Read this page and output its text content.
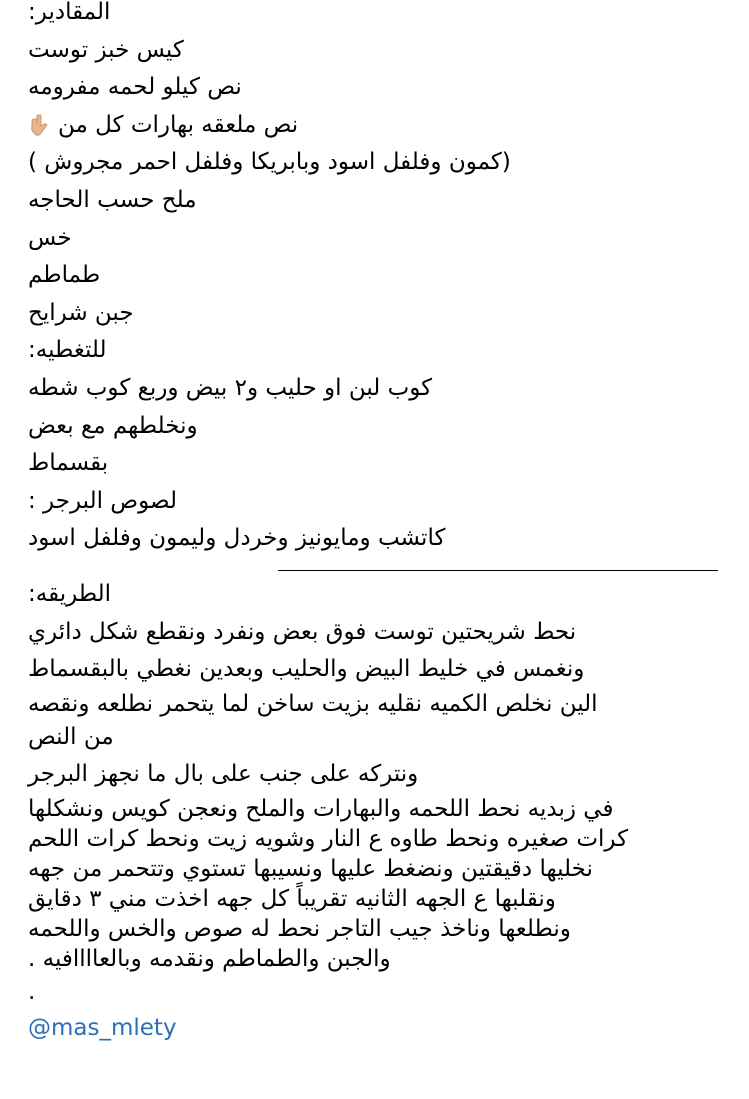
المقادير:
كيس خبز توست
نص كيلو لحمه مفرومه
نص ملعقه بهارات كل من
(كمون وفلفل اسود وبابريكا وفلفل احمر مجروش )
ملح حسب الحاجه
خس
طماطم
جبن شرايح
للتغطيه:
كوب لبن او حليب و٢ بيض وربع كوب شطه
ونخلطهم مع بعض
بقسماط
لصوص البرجر :
كاتشب ومايونيز وخردل وليمون وفلفل اسود
الطريقه:
نحط شريحتين توست فوق بعض ونفرد ونقطع شكل دائري
ونغمس في خليط البيض والحليب وبعدين نغطي بالبقسماط
الين نخلص الكميه نقليه بزيت ساخن لما يتحمر نطلعه ونقصه
من النص
ونتركه على جنب على بال ما نجهز البرجر
في زبديه نحط اللحمه والبهارات والملح ونعجن كويس ونشكلها
كرات صغيره ونحط طاوه ع النار وشويه زيت ونحط كرات اللحم
نخليها دقيقتين ونضغط عليها ونسيبها تستوي وتتحمر من جهه
ونقلبها ع الجهه الثانيه تقريباً كل جهه اخذت مني ٣ دقايق
ونطلعها وناخذ جيب التاجر نحط له صوص والخس واللحمه
والجبن والطماطم ونقدمه وبالعاااافيه .
.
@mas_mlety
